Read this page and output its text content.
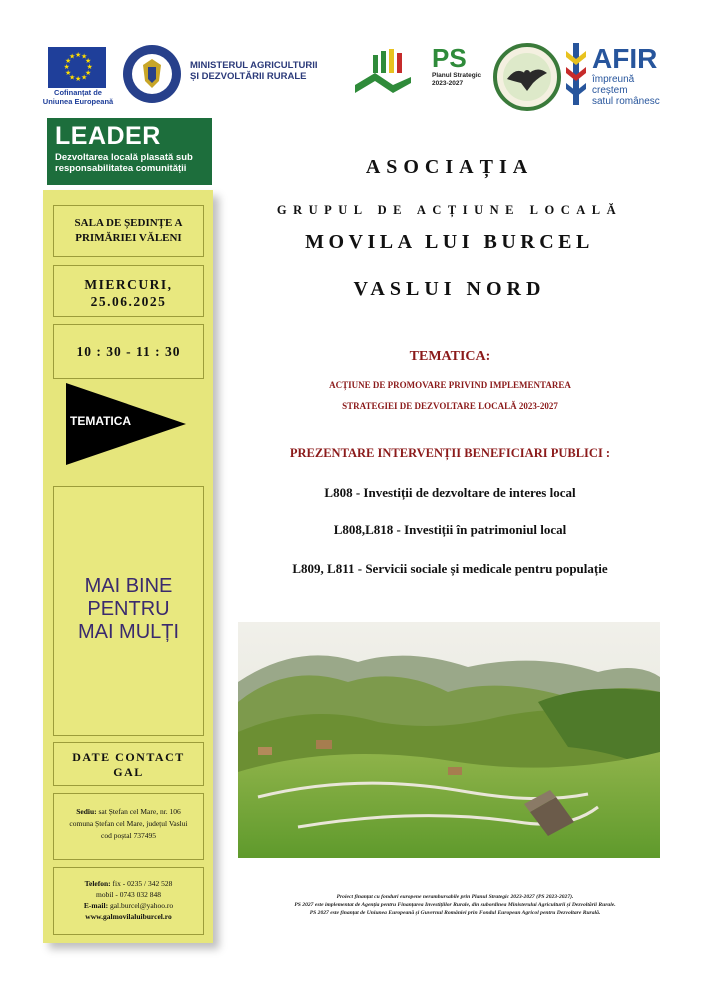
★ ★
★
★
★
★
★
★
★
★
★
★
Cofinanțat de
Uniunea Europeană
MINISTERUL AGRICULTURII
ȘI DEZVOLTĂRII RURALE
PS
Planul Strategic
2023-2027
AFIR
împreună creștem
satul românesc
LEADER
Dezvoltarea locală plasată sub responsabilitatea comunității
SALA DE ȘEDINȚE A
PRIMĂRIEI VĂLENI
MIERCURI,
25.06.2025
10 : 30 - 11 : 30
TEMATICA
MAI BINE
PENTRU
MAI MULȚI
DATE CONTACT
GAL
Sediu: sat Ștefan cel Mare, nr. 106
comuna Ștefan cel Mare, județul Vaslui
cod poștal 737495
Telefon: fix - 0235 / 342 528
mobil - 0743 032 848
E-mail: gal.burcel@yahoo.ro
www.galmovilaluiburcel.ro
ASOCIAȚIA
GRUPUL DE ACȚIUNE LOCALĂ
MOVILA LUI BURCEL
VASLUI NORD
TEMATICA:
ACȚIUNE DE PROMOVARE PRIVIND IMPLEMENTAREA
STRATEGIEI DE DEZVOLTARE LOCALĂ 2023-2027
PREZENTARE INTERVENȚII BENEFICIARI PUBLICI :
L808 - Investiții de dezvoltare de interes local
L808,L818 - Investiții în patrimoniul local
L809, L811 - Servicii sociale și medicale pentru populație
Proiect finanțat cu fonduri europene nerambursabile prin Planul Strategic 2023-2027 (PS 2023-2027).
PS 2027 este implementat de Agenția pentru Finanțarea Investițiilor Rurale, din subordinea Ministerului Agriculturii și Dezvoltării Rurale.
PS 2027 este finanțat de Uniunea Europeană și Guvernul României prin Fondul European Agricol pentru Dezvoltare Rurală.
